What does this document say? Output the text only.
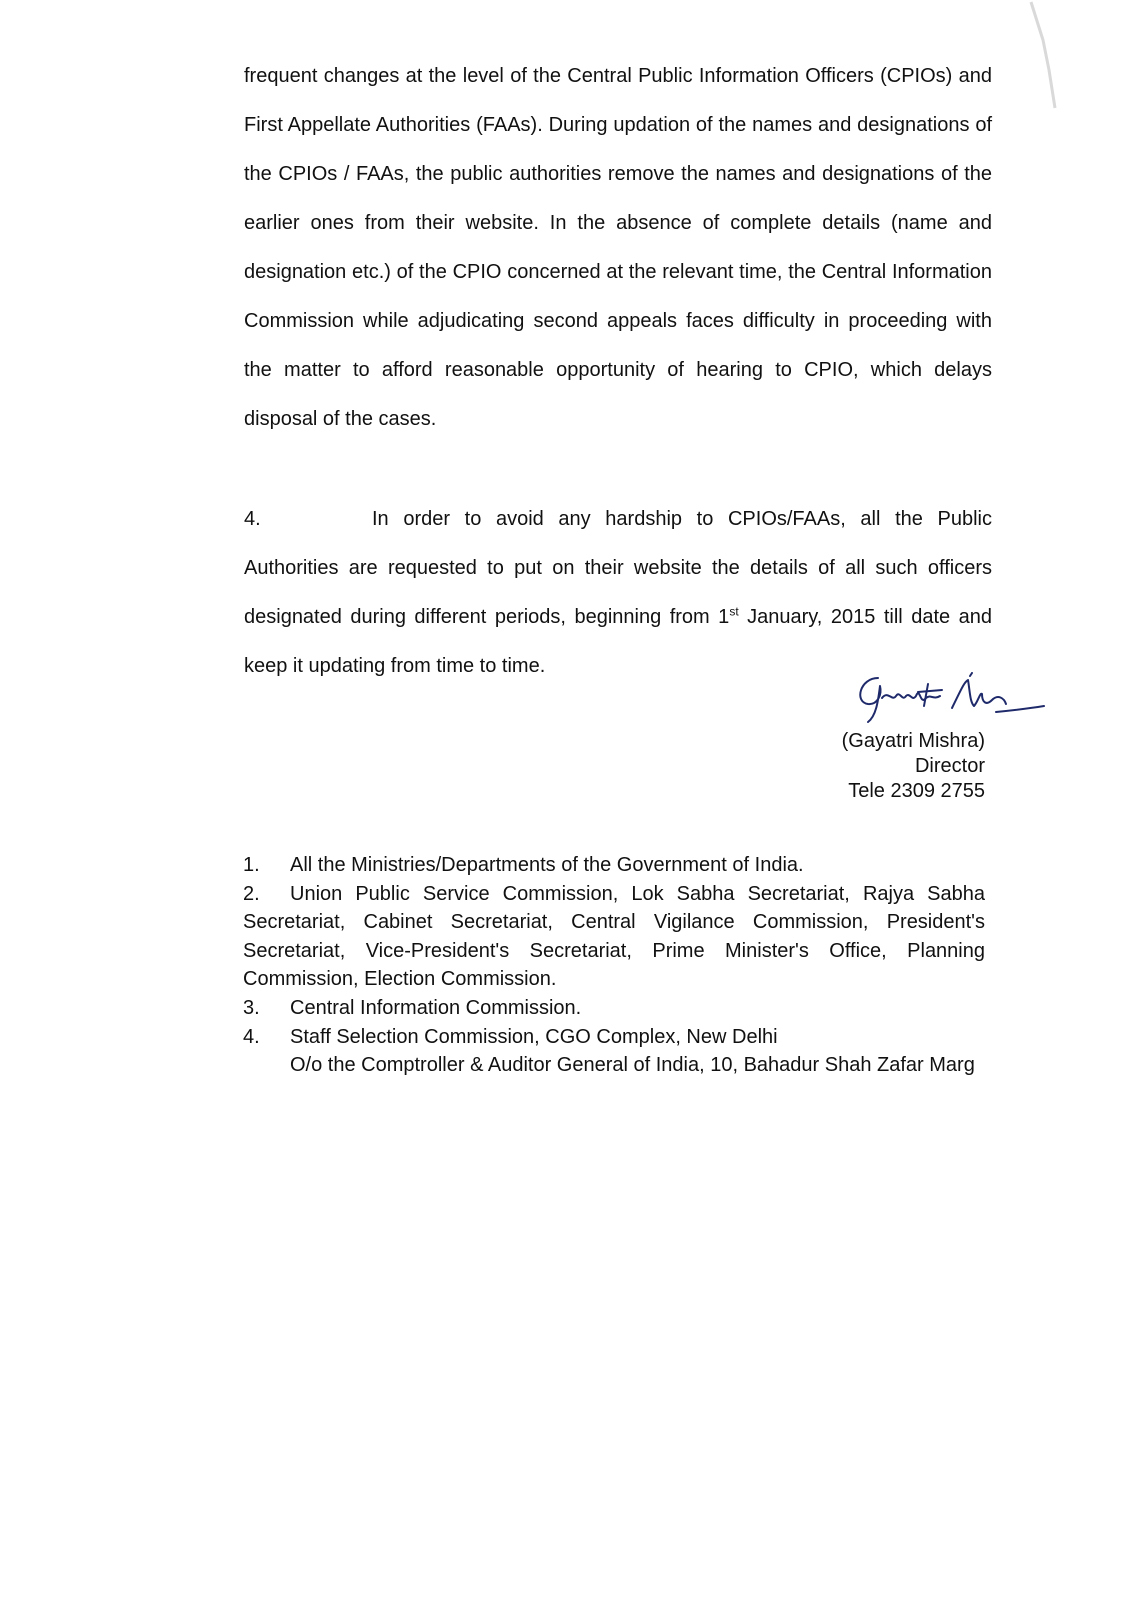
frequent changes at the level of the Central Public Information Officers (CPIOs) and First Appellate Authorities (FAAs). During updation of the names and designations of the CPIOs / FAAs, the public authorities remove the names and designations of the earlier ones from their website. In the absence of complete details (name and designation etc.) of the CPIO concerned at the relevant time, the Central Information Commission while adjudicating second appeals faces difficulty in proceeding with the matter to afford reasonable opportunity of hearing to CPIO, which delays disposal of the cases.
4.	In order to avoid any hardship to CPIOs/FAAs, all the Public Authorities are requested to put on their website the details of all such officers designated during different periods, beginning from 1st January, 2015 till date and keep it updating from time to time.
(Gayatri Mishra)
Director
Tele 2309 2755

1. All the Ministries/Departments of the Government of India.

2. Union Public Service Commission, Lok Sabha Secretariat, Rajya Sabha Secretariat, Cabinet Secretariat, Central Vigilance Commission, President's Secretariat, Vice-President's Secretariat, Prime Minister's Office, Planning Commission, Election Commission.

3. Central Information Commission.

4. Staff Selection Commission, CGO Complex, New Delhi

O/o the Comptroller & Auditor General of India, 10, Bahadur Shah Zafar Marg
